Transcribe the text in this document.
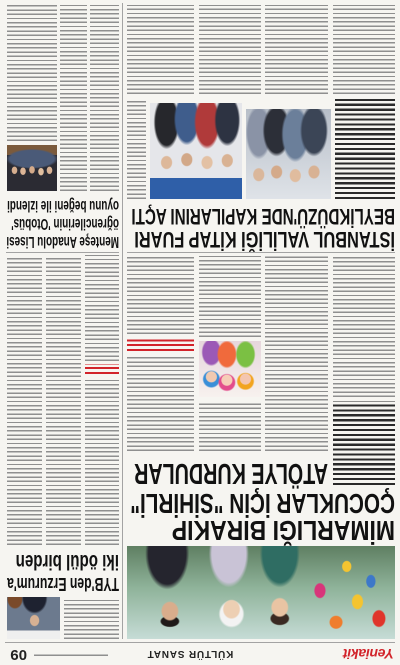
Yeniakit
KÜLTÜR SANAT
09
MİMARLIĞI BIRAKIP
ÇOCUKLAR İÇİN "SİHİRLİ"
ATÖLYE KURDULAR
İSTANBUL VALİLİĞİ KİTAP FUARI
BEYLİKDÜZÜ'NDE KAPILARINI AÇTI
TYB'den Erzurum'a
iki ödül birden
Menteşe Anadolu Lisesi
öğrencilerinin 'Otobüs'
oyunu beğeni ile izlendi
